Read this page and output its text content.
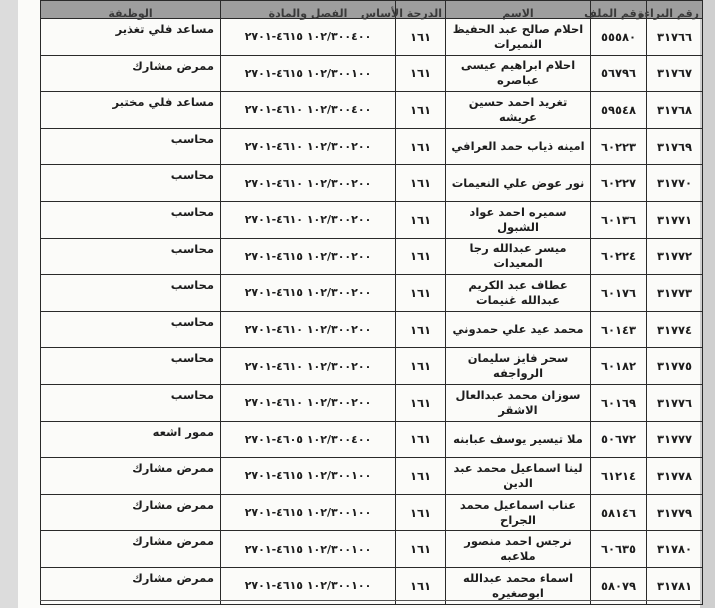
رقم البراءة	رقم الملف	الاسم	الدرجة الأساس	الفصل والمادة	الوظيفة
٣١٧٦٦	٥٥٥٨٠	احلام صالح عبد الحفيظ النميرات	١٦١	١٠٢/٣٠٠٤٠٠ ٤٦١٥-٢٧٠١	مساعد فلي تغذير
٣١٧٦٧	٥٦٧٩٦	احلام ابراهيم عيسى عباصره	١٦١	١٠٢/٣٠٠١٠٠ ٤٦١٥-٢٧٠١	ممرض مشارك
٣١٧٦٨	٥٩٥٤٨	تغريد احمد حسين عريشه	١٦١	١٠٢/٣٠٠٤٠٠ ٤٦١٠-٢٧٠١	مساعد فلي مختبر
٣١٧٦٩	٦٠٢٢٣	امينه ذياب حمد العرافي	١٦١	١٠٢/٣٠٠٢٠٠ ٤٦١٠-٢٧٠١	محاسب
٣١٧٧٠	٦٠٢٢٧	نور عوض علي النعيمات	١٦١	١٠٢/٣٠٠٢٠٠ ٤٦١٠-٢٧٠١	محاسب
٣١٧٧١	٦٠١٣٦	سميره احمد عواد الشبول	١٦١	١٠٢/٣٠٠٢٠٠ ٤٦١٠-٢٧٠١	محاسب
٣١٧٧٢	٦٠٢٢٤	ميسر عبدالله رجا المعيدات	١٦١	١٠٢/٣٠٠٢٠٠ ٤٦١٥-٢٧٠١	محاسب
٣١٧٧٣	٦٠١٧٦	عطاف عبد الكريم عبدالله غنيمات	١٦١	١٠٢/٣٠٠٢٠٠ ٤٦١٥-٢٧٠١	محاسب
٣١٧٧٤	٦٠١٤٣	محمد عيد علي حمدوني	١٦١	١٠٢/٣٠٠٢٠٠ ٤٦١٠-٢٧٠١	محاسب
٣١٧٧٥	٦٠١٨٢	سحر فايز سليمان الرواجفه	١٦١	١٠٢/٣٠٠٢٠٠ ٤٦١٠-٢٧٠١	محاسب
٣١٧٧٦	٦٠١٦٩	سوزان محمد عبدالعال الاشقر	١٦١	١٠٢/٣٠٠٢٠٠ ٤٦١٠-٢٧٠١	محاسب
٣١٧٧٧	٥٠٦٧٢	ملا تيسير يوسف عبابنه	١٦١	١٠٢/٣٠٠٤٠٠ ٤٦٠٥-٢٧٠١	ممور اشعه
٣١٧٧٨	٦١٢١٤	لينا اسماعيل محمد عبد الدين	١٦١	١٠٢/٣٠٠١٠٠ ٤٦١٥-٢٧٠١	ممرض مشارك
٣١٧٧٩	٥٨١٤٦	عناب اسماعيل محمد الجراح	١٦١	١٠٢/٣٠٠١٠٠ ٤٦١٥-٢٧٠١	ممرض مشارك
٣١٧٨٠	٦٠٦٣٥	نرجس احمد منصور ملاعبه	١٦١	١٠٢/٣٠٠١٠٠ ٤٦١٥-٢٧٠١	ممرض مشارك
٣١٧٨١	٥٨٠٧٩	اسماء محمد عبدالله ابوصغيره	١٦١	١٠٢/٣٠٠١٠٠ ٤٦١٥-٢٧٠١	ممرض مشارك
